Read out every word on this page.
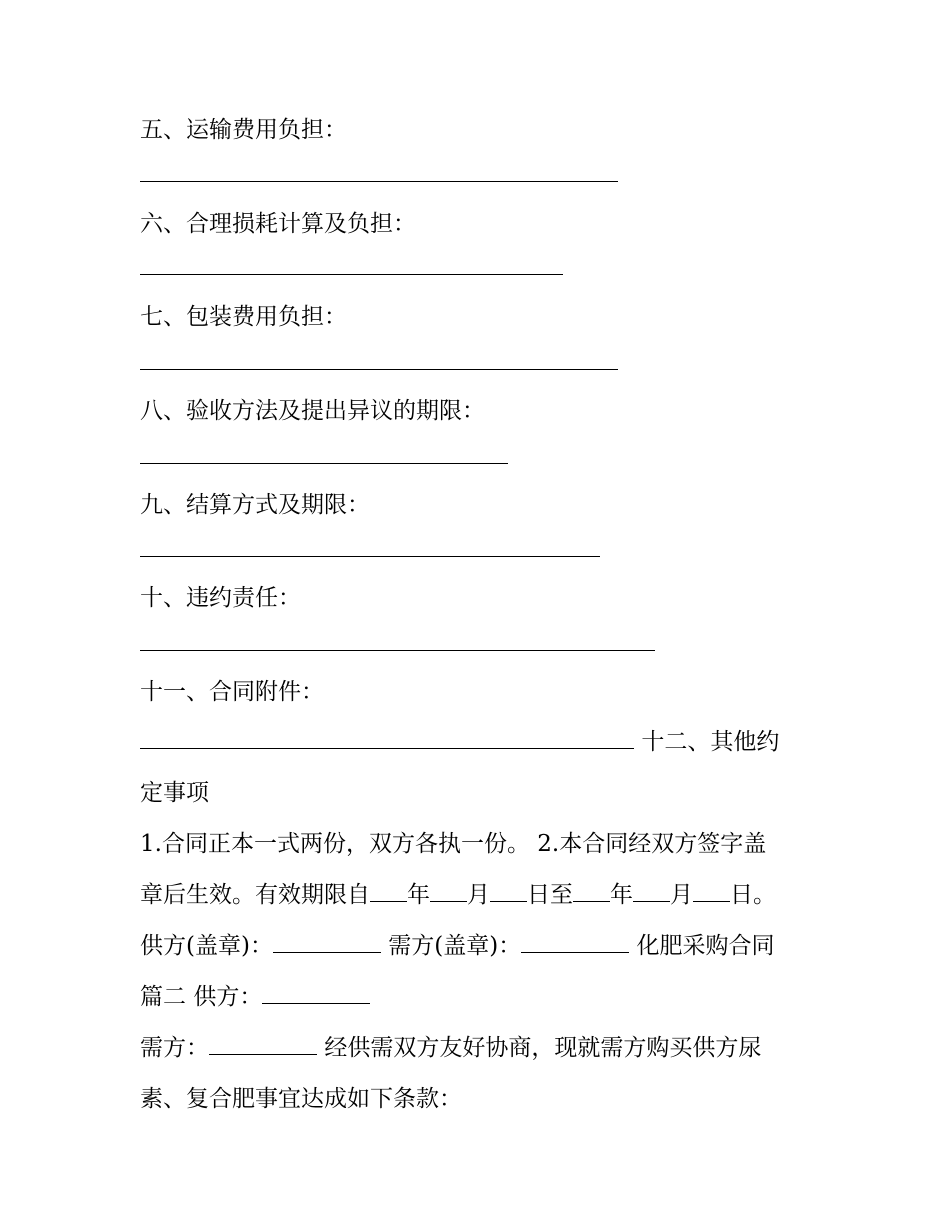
五、运输费用负担：
六、合理损耗计算及负担：
七、包装费用负担：
八、验收方法及提出异议的期限：
九、结算方式及期限：
十、违约责任：
十一、合同附件：
十二、其他约
定事项
1.合同正本一式两份，双方各执一份。 2.本合同经双方签字盖
章后生效。有效期限自 年 月 日至 年 月 日。
供方(盖章)：	需方(盖章)：	化肥采购合同
篇二 供方：
需方：	经供需双方友好协商，现就需方购买供方尿
素、复合肥事宜达成如下条款：
